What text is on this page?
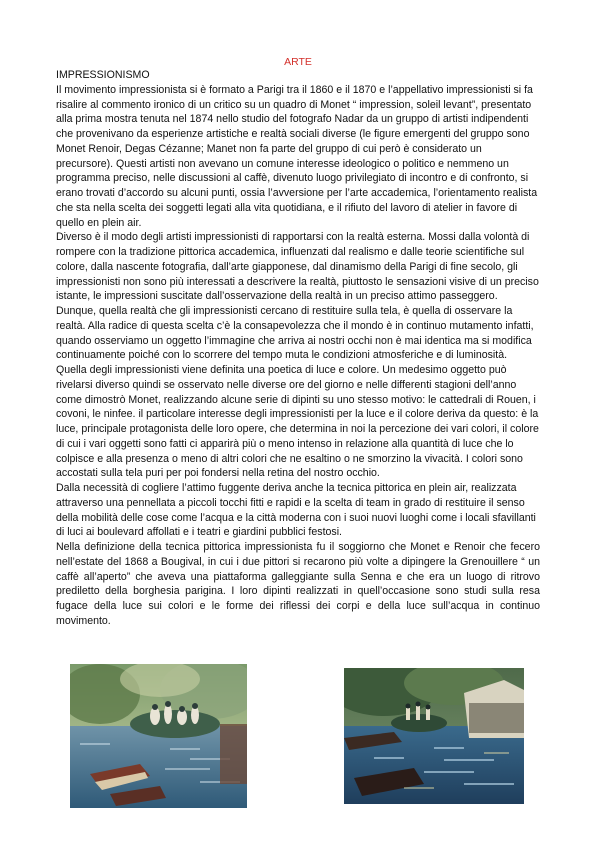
ARTE
IMPRESSIONISMO

Il movimento impressionista si è formato a Parigi tra il 1860 e il 1870 e l’appellativo impressionisti si fa risalire al commento ironico di un critico su un quadro di Monet “ impression, soleil levant”, presentato alla prima mostra tenuta nel 1874 nello studio del fotografo Nadar da un gruppo di artisti indipendenti che provenivano da esperienze artistiche e realtà sociali diverse (le figure emergenti del gruppo sono Monet Renoir, Degas Cézanne; Manet non fa parte del gruppo di cui però è considerato un precursore). Questi artisti non avevano un comune interesse ideologico o politico e nemmeno un programma preciso, nelle discussioni al caffè, divenuto luogo privilegiato di incontro e di confronto, si erano trovati d’accordo su alcuni punti, ossia l’avversione per l’arte accademica, l’orientamento realista che sta nella scelta dei soggetti legati alla vita quotidiana, e il rifiuto del lavoro di atelier in favore di quello en plein air.

Diverso è il modo degli artisti impressionisti di rapportarsi con la realtà esterna. Mossi dalla volontà di rompere con la tradizione pittorica accademica, influenzati dal realismo e dalle teorie scientifiche sul colore, dalla nascente fotografia, dall’arte giapponese, dal dinamismo della Parigi di fine secolo, gli impressionisti non sono più interessati a descrivere la realtà, piuttosto le sensazioni visive di un preciso istante, le impressioni suscitate dall’osservazione della realtà in un preciso attimo passeggero. Dunque, quella realtà che gli impressionisti cercano di restituire sulla tela, è quella di osservare la realtà. Alla radice di questa scelta c’è la consapevolezza che il mondo è in continuo mutamento infatti, quando osserviamo un oggetto l’immagine che arriva ai nostri occhi non è mai identica ma si modifica continuamente poiché con lo scorrere del tempo muta le condizioni atmosferiche e di luminosità. Quella degli impressionisti viene definita una poetica di luce e colore. Un medesimo oggetto può rivelarsi diverso quindi se osservato nelle diverse ore del giorno e nelle differenti stagioni dell’anno come dimostrò Monet, realizzando alcune serie di dipinti su uno stesso motivo: le cattedrali di Rouen, i covoni, le ninfee. il particolare interesse degli impressionisti per la luce e il colore deriva da questo: è la luce, principale protagonista delle loro opere, che determina in noi la percezione dei vari colori, il colore di cui i vari oggetti sono fatti ci apparirà più o meno intenso in relazione alla quantità di luce che lo colpisce e alla presenza o meno di altri colori che ne esaltino o ne smorzino la vivacità. I colori sono accostati sulla tela puri per poi fondersi nella retina del nostro occhio.

Dalla necessità di cogliere l’attimo fuggente deriva anche la tecnica pittorica en plein air, realizzata attraverso una pennellata a piccoli tocchi fitti e rapidi e la scelta di team in grado di restituire il senso della mobilità delle cose come l’acqua e la città moderna con i suoi nuovi luoghi come i locali sfavillanti di luci ai boulevard affollati e i teatri e giardini pubblici festosi.

Nella definizione della tecnica pittorica impressionista fu il soggiorno che Monet e Renoir che fecero nell’estate del 1868 a Bougival, in cui i due pittori si recarono più volte a dipingere la Grenouillere “ un caffè all’aperto” che aveva una piattaforma galleggiante sulla Senna e che era un luogo di ritrovo prediletto della borghesia parigina. I loro dipinti realizzati in quell’occasione sono studi sulla resa fugace della luce sui colori e le forme dei riflessi dei corpi e della luce sull’acqua in continuo movimento.
